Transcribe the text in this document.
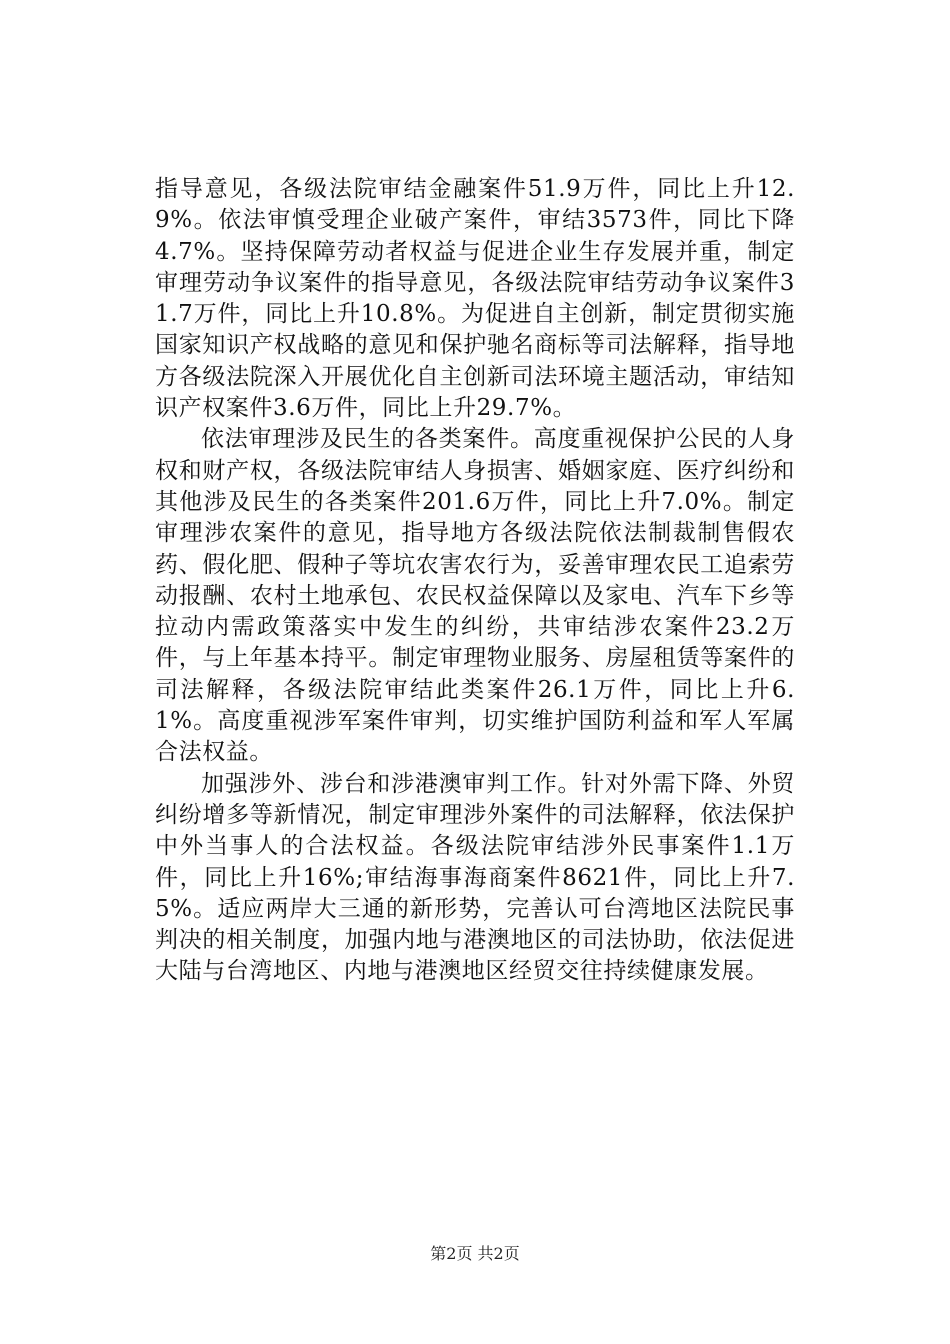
指导意见，各级法院审结金融案件51.9万件，同比上升12.9%。依法审慎受理企业破产案件，审结3573件，同比下降4.7%。坚持保障劳动者权益与促进企业生存发展并重，制定审理劳动争议案件的指导意见，各级法院审结劳动争议案件31.7万件，同比上升10.8%。为促进自主创新，制定贯彻实施国家知识产权战略的意见和保护驰名商标等司法解释，指导地方各级法院深入开展优化自主创新司法环境主题活动，审结知识产权案件3.6万件，同比上升29.7%。

依法审理涉及民生的各类案件。高度重视保护公民的人身权和财产权，各级法院审结人身损害、婚姻家庭、医疗纠纷和其他涉及民生的各类案件201.6万件，同比上升7.0%。制定审理涉农案件的意见，指导地方各级法院依法制裁制售假农药、假化肥、假种子等坑农害农行为，妥善审理农民工追索劳动报酬、农村土地承包、农民权益保障以及家电、汽车下乡等拉动内需政策落实中发生的纠纷，共审结涉农案件23.2万件，与上年基本持平。制定审理物业服务、房屋租赁等案件的司法解释，各级法院审结此类案件26.1万件，同比上升6.1%。高度重视涉军案件审判，切实维护国防利益和军人军属合法权益。

加强涉外、涉台和涉港澳审判工作。针对外需下降、外贸纠纷增多等新情况，制定审理涉外案件的司法解释，依法保护中外当事人的合法权益。各级法院审结涉外民事案件1.1万件，同比上升16%;审结海事海商案件8621件，同比上升7.5%。适应两岸大三通的新形势，完善认可台湾地区法院民事判决的相关制度，加强内地与港澳地区的司法协助，依法促进大陆与台湾地区、内地与港澳地区经贸交往持续健康发展。

第2页 共2页
